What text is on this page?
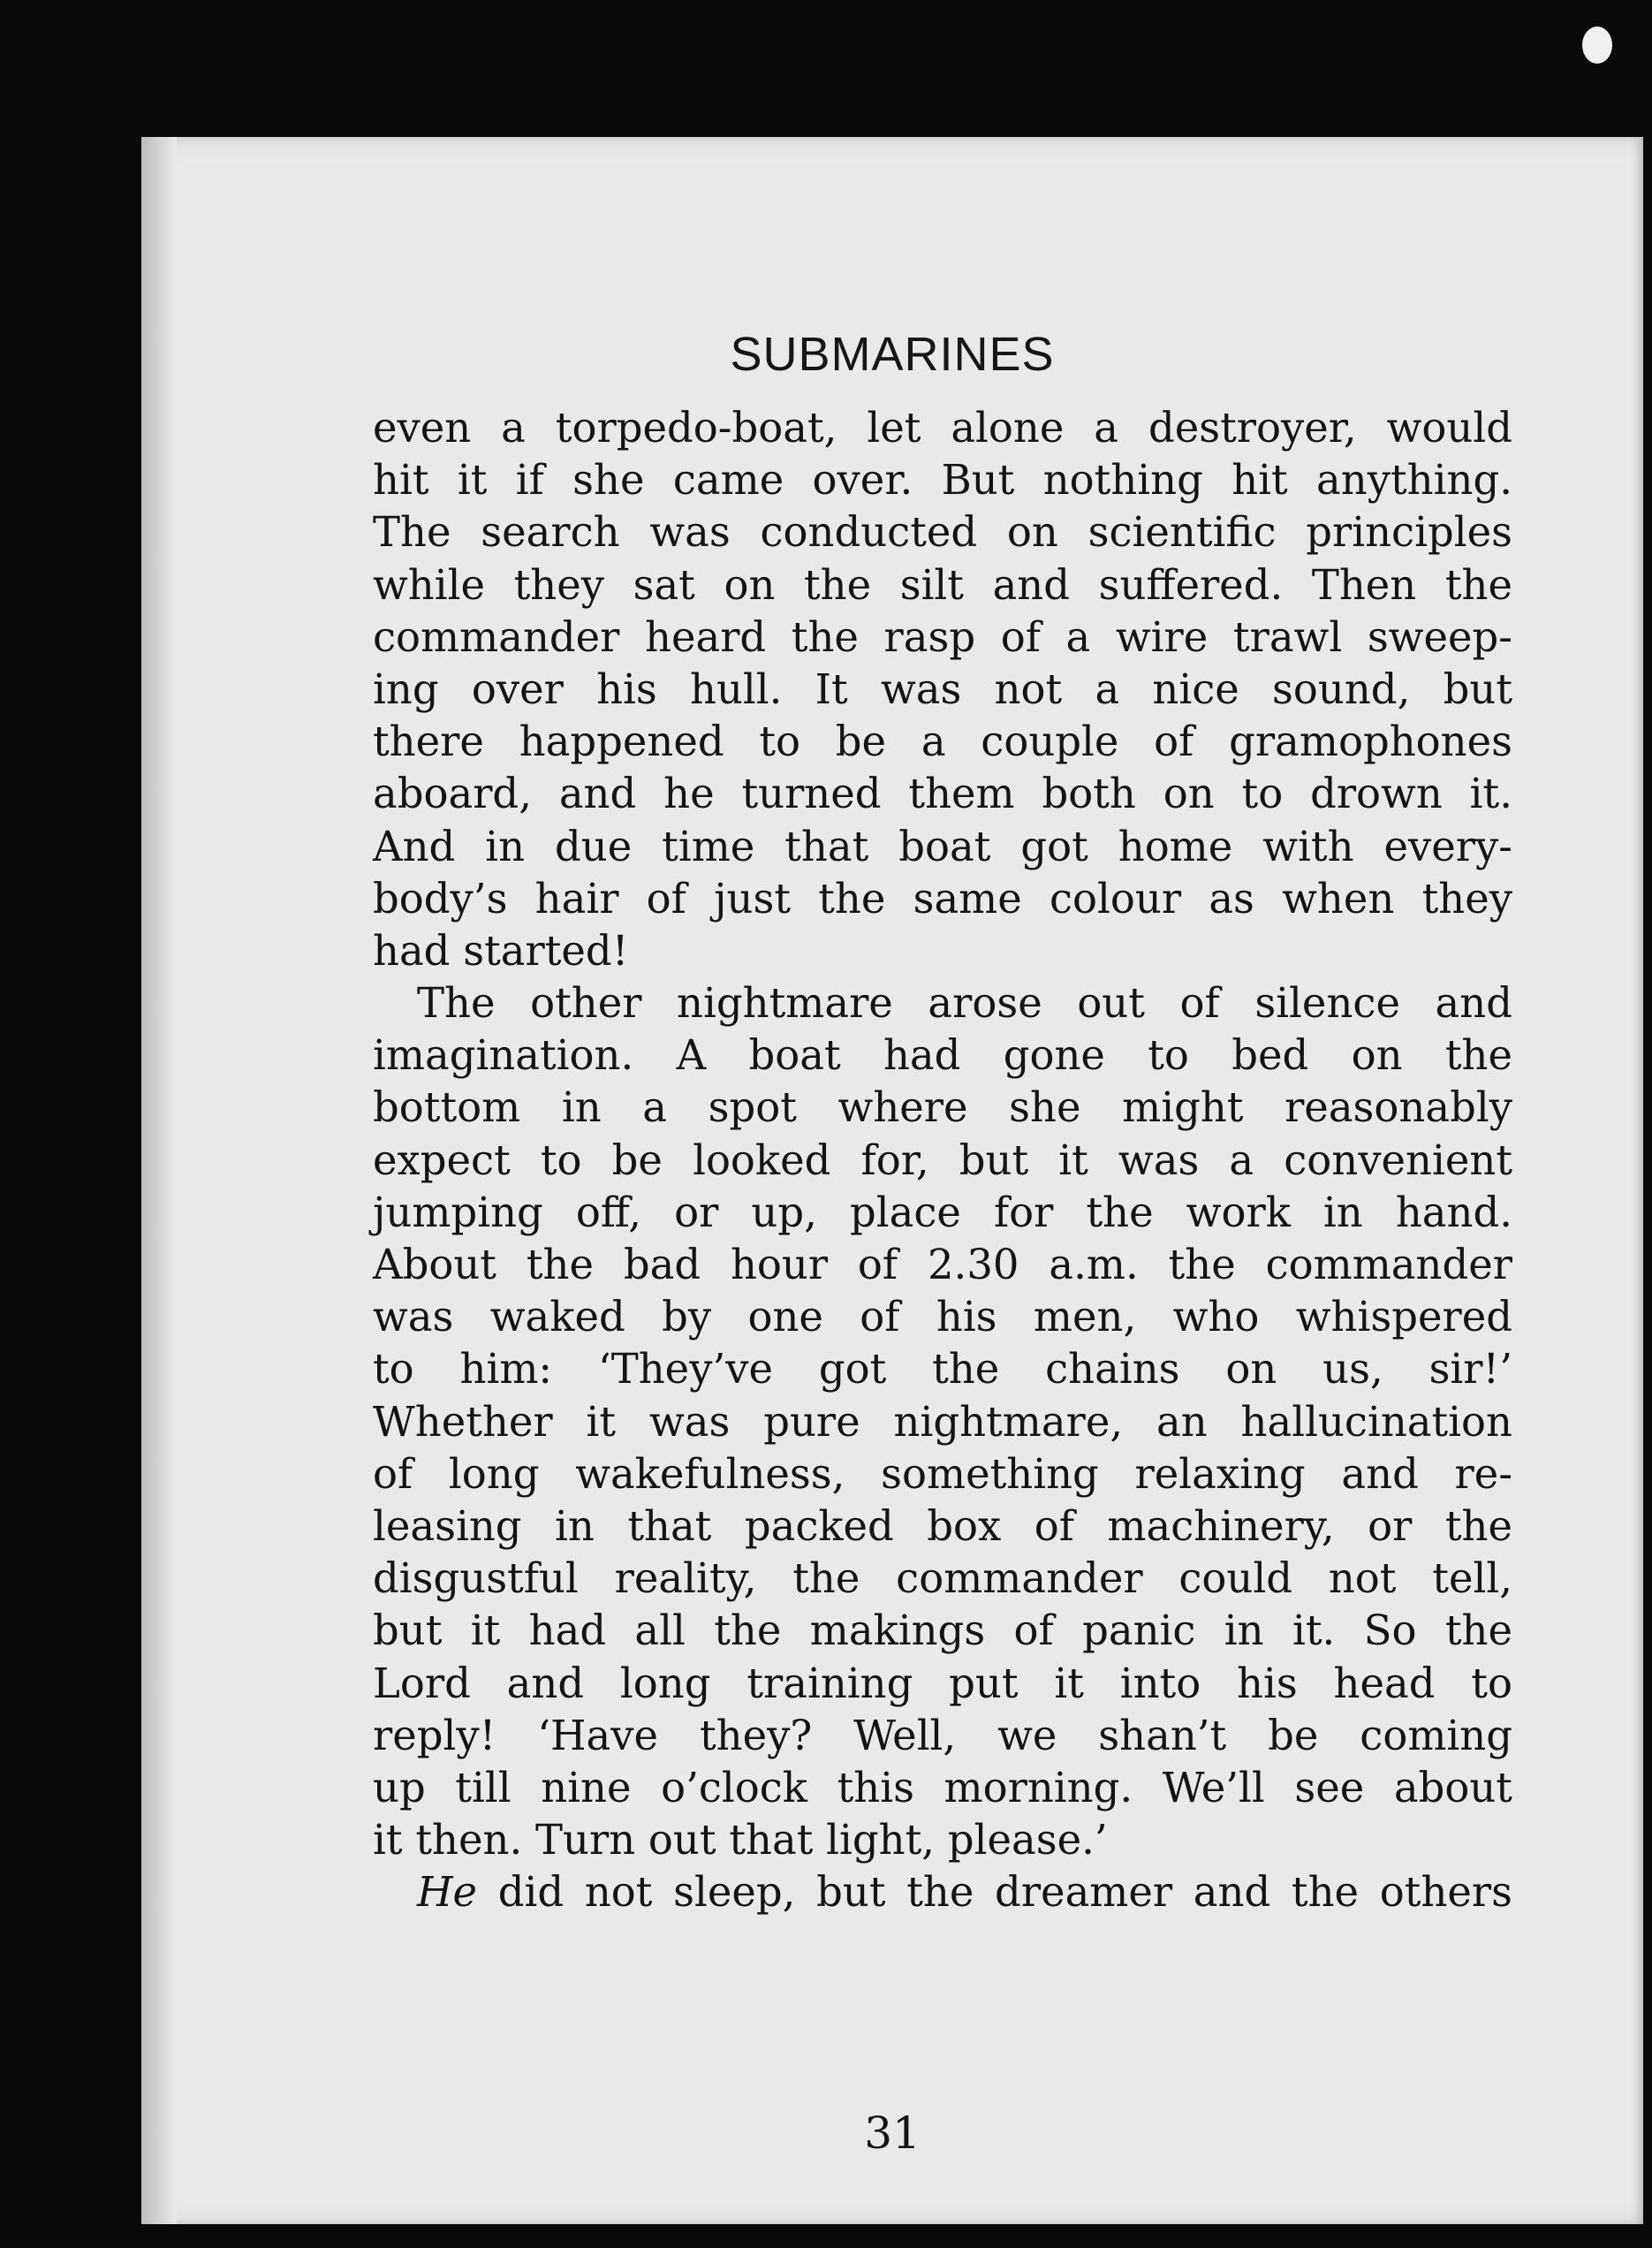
SUBMARINES
even a torpedo-boat, let alone a destroyer, would
hit it if she came over. But nothing hit anything.
The search was conducted on scientific principles
while they sat on the silt and suffered. Then the
commander heard the rasp of a wire trawl sweep-
ing over his hull. It was not a nice sound, but
there happened to be a couple of gramophones
aboard, and he turned them both on to drown it.
And in due time that boat got home with every-
body’s hair of just the same colour as when they
had started!
The other nightmare arose out of silence and
imagination. A boat had gone to bed on the
bottom in a spot where she might reasonably
expect to be looked for, but it was a convenient
jumping off, or up, place for the work in hand.
About the bad hour of 2.30 a.m. the commander
was waked by one of his men, who whispered
to him: ‘They’ve got the chains on us, sir!’
Whether it was pure nightmare, an hallucination
of long wakefulness, something relaxing and re-
leasing in that packed box of machinery, or the
disgustful reality, the commander could not tell,
but it had all the makings of panic in it. So the
Lord and long training put it into his head to
reply! ‘Have they? Well, we shan’t be coming
up till nine o’clock this morning. We’ll see about
it then. Turn out that light, please.’
He did not sleep, but the dreamer and the others
31
